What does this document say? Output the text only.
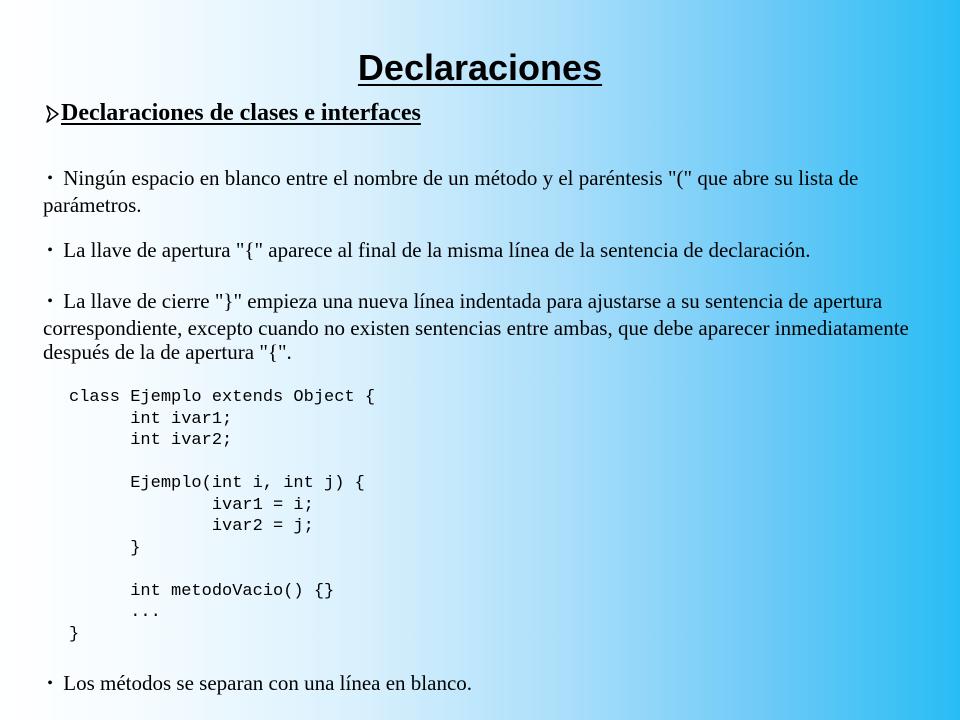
Declaraciones
Declaraciones de clases e interfaces
• Ningún espacio en blanco entre el nombre de un método y el paréntesis "(" que abre su lista de parámetros.
• La llave de apertura "{" aparece al final de la misma línea de la sentencia de declaración.
• La llave de cierre "}" empieza una nueva línea indentada para ajustarse a su sentencia de apertura correspondiente, excepto cuando no existen sentencias entre ambas, que debe aparecer inmediatamente después de la de apertura "{".
class Ejemplo extends Object {
int ivar1;
int ivar2;
Ejemplo(int i, int j) {
ivar1 = i;
ivar2 = j;
}
int metodoVacio() {}
...
}
• Los métodos se separan con una línea en blanco.
